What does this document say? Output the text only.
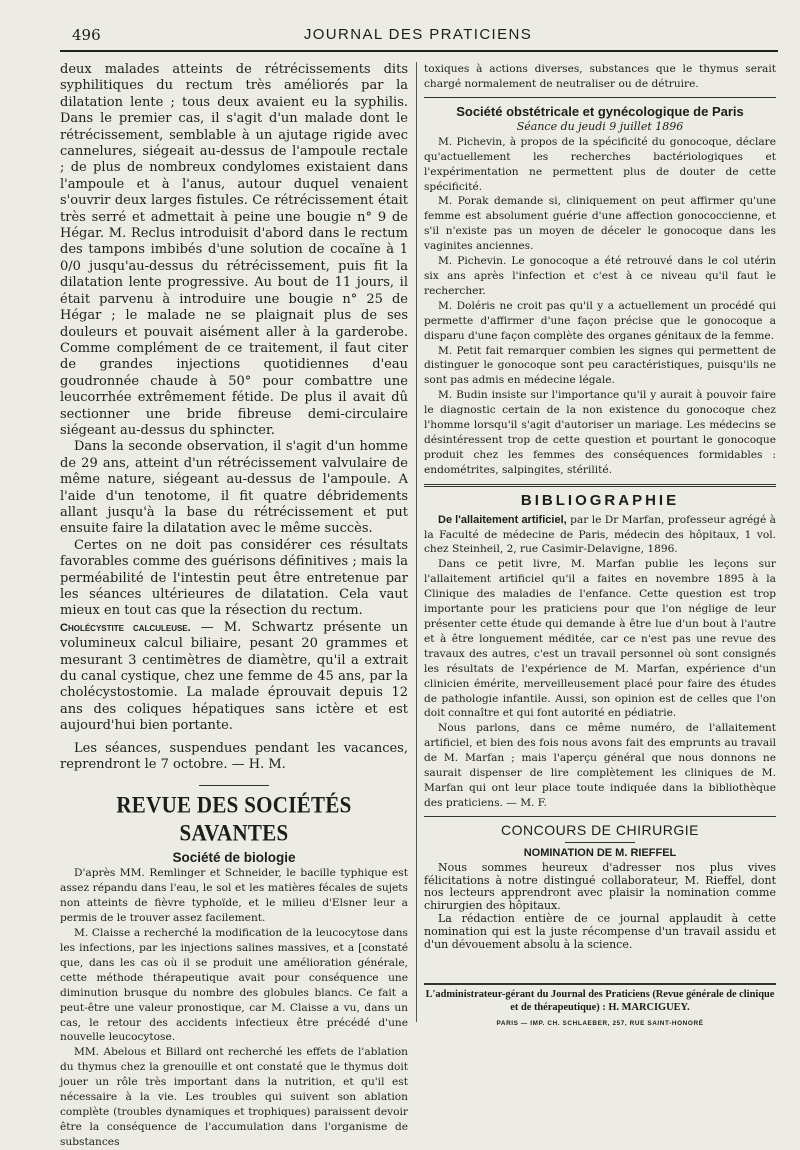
496	JOURNAL DES PRATICIENS

deux malades atteints de rétrécissements dits syphilitiques du rectum très améliorés par la dilatation lente ; tous deux avaient eu la syphilis. Dans le premier cas, il s'agit d'un malade dont le rétrécissement, semblable à un ajutage rigide avec cannelures, siégeait au-dessus de l'ampoule rectale ; de plus de nombreux condylomes existaient dans l'ampoule et à l'anus, autour duquel venaient s'ouvrir deux larges fistules. Ce rétrécissement était très serré et admettait à peine une bougie n° 9 de Hégar. M. Reclus introduisit d'abord dans le rectum des tampons imbibés d'une solution de cocaïne à 1 0/0 jusqu'au-dessus du rétrécissement, puis fit la dilatation lente progressive. Au bout de 11 jours, il était parvenu à introduire une bougie n° 25 de Hégar ; le malade ne se plaignait plus de ses douleurs et pouvait aisément aller à la garderobe. Comme complément de ce traitement, il faut citer de grandes injections quotidiennes d'eau goudronnée chaude à 50° pour combattre une leucorrhée extrêmement fétide. De plus il avait dû sectionner une bride fibreuse demi-circulaire siégeant au-dessus du sphincter.

Dans la seconde observation, il s'agit d'un homme de 29 ans, atteint d'un rétrécissement valvulaire de même nature, siégeant au-dessus de l'ampoule. A l'aide d'un tenotome, il fit quatre débridements allant jusqu'à la base du rétrécissement et put ensuite faire la dilatation avec le même succès.

Certes on ne doit pas considérer ces résultats favorables comme des guérisons définitives ; mais la perméabilité de l'intestin peut être entretenue par les séances ultérieures de dilatation. Cela vaut mieux en tout cas que la résection du rectum.

Cholécystite calculeuse. — M. Schwartz présente un volumineux calcul biliaire, pesant 20 grammes et mesurant 3 centimètres de diamètre, qu'il a extrait du canal cystique, chez une femme de 45 ans, par la cholécystostomie. La malade éprouvait depuis 12 ans des coliques hépatiques sans ictère et est aujourd'hui bien portante.

Les séances, suspendues pendant les vacances, reprendront le 7 octobre. — H. M.

REVUE DES SOCIÉTÉS SAVANTES
Société de biologie

D'après MM. Remlinger et Schneider, le bacille typhique est assez répandu dans l'eau, le sol et les matières fécales de sujets non atteints de fièvre typhoïde, et le milieu d'Elsner leur a permis de le trouver assez facilement.

M. Claisse a recherché la modification de la leucocytose dans les infections, par les injections salines massives, et a [constaté que, dans les cas où il se produit une amélioration générale, cette méthode thérapeutique avait pour conséquence une diminution brusque du nombre des globules blancs. Ce fait a peut-être une valeur pronostique, car M. Claisse a vu, dans un cas, le retour des accidents infectieux être précédé d'une nouvelle leucocytose.

MM. Abelous et Billard ont recherché les effets de l'ablation du thymus chez la grenouille et ont constaté que le thymus doit jouer un rôle très important dans la nutrition, et qu'il est nécessaire à la vie. Les troubles qui suivent son ablation complète (troubles dynamiques et trophiques) paraissent devoir être la conséquence de l'accumulation dans l'organisme de substances

toxiques à actions diverses, substances que le thymus serait chargé normalement de neutraliser ou de détruire.

Société obstétricale et gynécologique de Paris
Séance du jeudi 9 juillet 1896

M. Pichevin, à propos de la spécificité du gonocoque, déclare qu'actuellement les recherches bactériologiques et l'expérimentation ne permettent plus de douter de cette spécificité.

M. Porak demande si, cliniquement on peut affirmer qu'une femme est absolument guérie d'une affection gonococcienne, et s'il n'existe pas un moyen de déceler le gonocoque dans les vaginites anciennes.

M. Pichevin. Le gonocoque a été retrouvé dans le col utérin six ans après l'infection et c'est à ce niveau qu'il faut le rechercher.

M. Doléris ne croit pas qu'il y a actuellement un procédé qui permette d'affirmer d'une façon précise que le gonocoque a disparu d'une façon complète des organes génitaux de la femme.

M. Petit fait remarquer combien les signes qui permettent de distinguer le gonocoque sont peu caractéristiques, puisqu'ils ne sont pas admis en médecine légale.

M. Budin insiste sur l'importance qu'il y aurait à pouvoir faire le diagnostic certain de la non existence du gonocoque chez l'homme lorsqu'il s'agit d'autoriser un mariage. Les médecins se désintéressent trop de cette question et pourtant le gonocoque produit chez les femmes des conséquences formidables : endométrites, salpingites, stérilité.

BIBLIOGRAPHIE

De l'allaitement artificiel, par le Dr Marfan, professeur agrégé à la Faculté de médecine de Paris, médecin des hôpitaux, 1 vol. chez Steinheil, 2, rue Casimir-Delavigne, 1896.

Dans ce petit livre, M. Marfan publie les leçons sur l'allaitement artificiel qu'il a faites en novembre 1895 à la Clinique des maladies de l'enfance. Cette question est trop importante pour les praticiens pour que l'on néglige de leur présenter cette étude qui demande à être lue d'un bout à l'autre et à être longuement méditée, car ce n'est pas une revue des travaux des autres, c'est un travail personnel où sont consignés les résultats de l'expérience de M. Marfan, expérience d'un clinicien émérite, merveilleusement placé pour faire des études de pathologie infantile. Aussi, son opinion est de celles que l'on doit connaître et qui font autorité en pédiatrie.

Nous parlons, dans ce même numéro, de l'allaitement artificiel, et bien des fois nous avons fait des emprunts au travail de M. Marfan ; mais l'aperçu général que nous donnons ne saurait dispenser de lire complètement les cliniques de M. Marfan qui ont leur place toute indiquée dans la bibliothèque des praticiens. — M. F.

CONCOURS DE CHIRURGIE
NOMINATION DE M. RIEFFEL

Nous sommes heureux d'adresser nos plus vives félicitations à notre distingué collaborateur, M. Rieffel, dont nos lecteurs apprendront avec plaisir la nomination comme chirurgien des hôpitaux.

La rédaction entière de ce journal applaudit à cette nomination qui est la juste récompense d'un travail assidu et d'un dévouement absolu à la science.

L'administrateur-gérant du Journal des Praticiens (Revue générale de clinique et de thérapeutique) : H. MARCIGUEY.
PARIS — IMP. CH. SCHLAEBER, 257, RUE SAINT-HONORÉ
